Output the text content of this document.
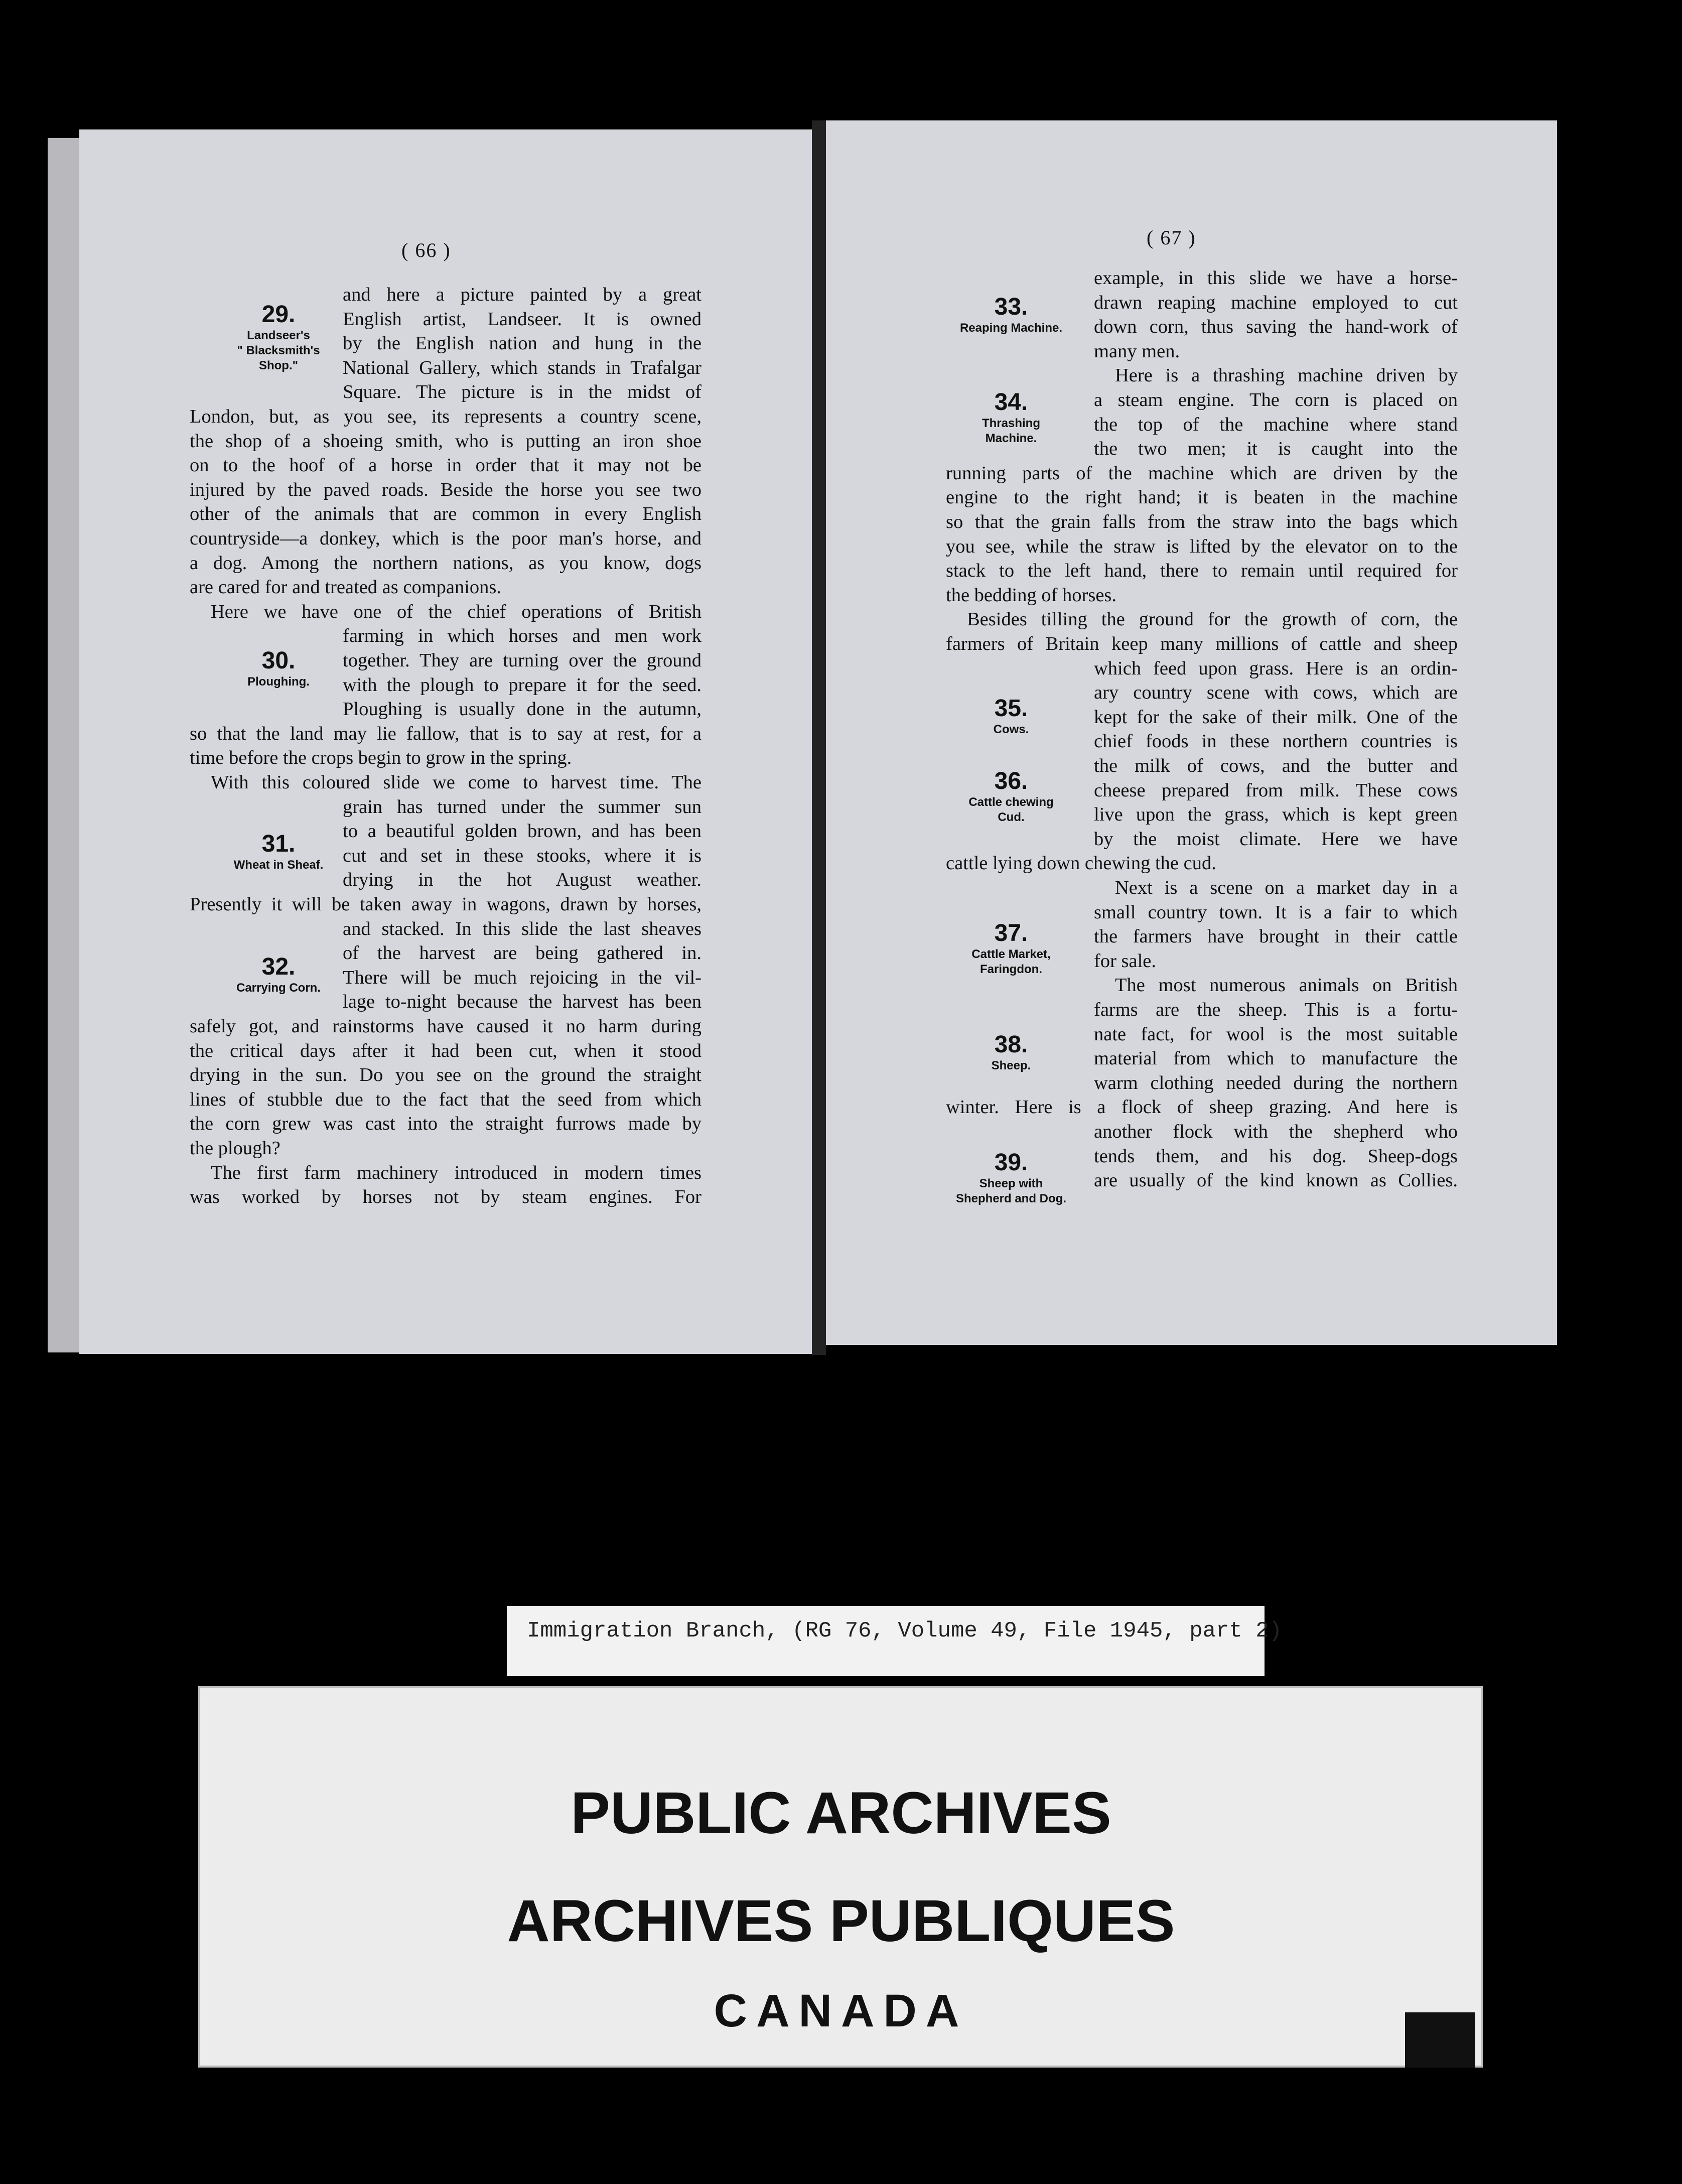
( 66 )
( 67 )
and here a picture painted by a great
English artist, Landseer. It is owned
by the English nation and hung in the
National Gallery, which stands in Trafalgar
Square. The picture is in the midst of
London, but, as you see, its represents a country scene,
the shop of a shoeing smith, who is putting an iron shoe
on to the hoof of a horse in order that it may not be
injured by the paved roads. Beside the horse you see two
other of the animals that are common in every English
countryside—a donkey, which is the poor man's horse, and
a dog. Among the northern nations, as you know, dogs
are cared for and treated as companions.
Here we have one of the chief operations of British
farming in which horses and men work
together. They are turning over the ground
with the plough to prepare it for the seed.
Ploughing is usually done in the autumn,
so that the land may lie fallow, that is to say at rest, for a
time before the crops begin to grow in the spring.
With this coloured slide we come to harvest time. The
grain has turned under the summer sun
to a beautiful golden brown, and has been
cut and set in these stooks, where it is
drying in the hot August weather.
Presently it will be taken away in wagons, drawn by horses,
and stacked. In this slide the last sheaves
of the harvest are being gathered in.
There will be much rejoicing in the vil-
lage to-night because the harvest has been
safely got, and rainstorms have caused it no harm during
the critical days after it had been cut, when it stood
drying in the sun. Do you see on the ground the straight
lines of stubble due to the fact that the seed from which
the corn grew was cast into the straight furrows made by
the plough?
The first farm machinery introduced in modern times
was worked by horses not by steam engines. For
example, in this slide we have a horse-
drawn reaping machine employed to cut
down corn, thus saving the hand-work of
many men.
Here is a thrashing machine driven by
a steam engine. The corn is placed on
the top of the machine where stand
the two men; it is caught into the
running parts of the machine which are driven by the
engine to the right hand; it is beaten in the machine
so that the grain falls from the straw into the bags which
you see, while the straw is lifted by the elevator on to the
stack to the left hand, there to remain until required for
the bedding of horses.
Besides tilling the ground for the growth of corn, the
farmers of Britain keep many millions of cattle and sheep
which feed upon grass. Here is an ordin-
ary country scene with cows, which are
kept for the sake of their milk. One of the
chief foods in these northern countries is
the milk of cows, and the butter and
cheese prepared from milk. These cows
live upon the grass, which is kept green
by the moist climate. Here we have
cattle lying down chewing the cud.
Next is a scene on a market day in a
small country town. It is a fair to which
the farmers have brought in their cattle
for sale.
The most numerous animals on British
farms are the sheep. This is a fortu-
nate fact, for wool is the most suitable
material from which to manufacture the
warm clothing needed during the northern
winter. Here is a flock of sheep grazing. And here is
another flock with the shepherd who
tends them, and his dog. Sheep-dogs
are usually of the kind known as Collies.
29.
Landseer's
" Blacksmith's
Shop."
30.
Ploughing.
31.
Wheat in Sheaf.
32.
Carrying Corn.
33.
Reaping Machine.
34.
Thrashing
Machine.
35.
Cows.
36.
Cattle chewing
Cud.
37.
Cattle Market,
Faringdon.
38.
Sheep.
39.
Sheep with
Shepherd and Dog.
Immigration Branch, (RG 76, Volume 49, File 1945, part 2)
PUBLIC ARCHIVES
ARCHIVES PUBLIQUES
CANADA
